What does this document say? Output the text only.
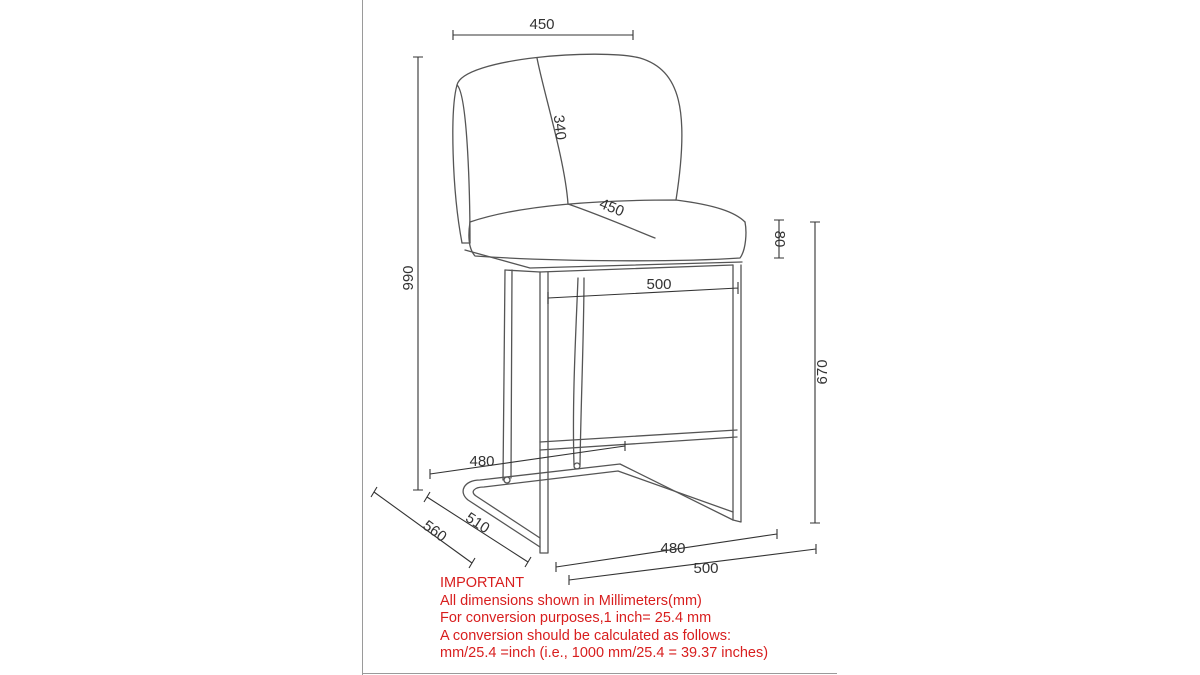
450
340
450
80
500
990
670
480
510
560
480
500
IMPORTANT
All dimensions shown in Millimeters(mm)
For conversion purposes,1 inch= 25.4 mm
A conversion should be calculated as follows:
mm/25.4 =inch (i.e., 1000 mm/25.4 = 39.37 inches)
